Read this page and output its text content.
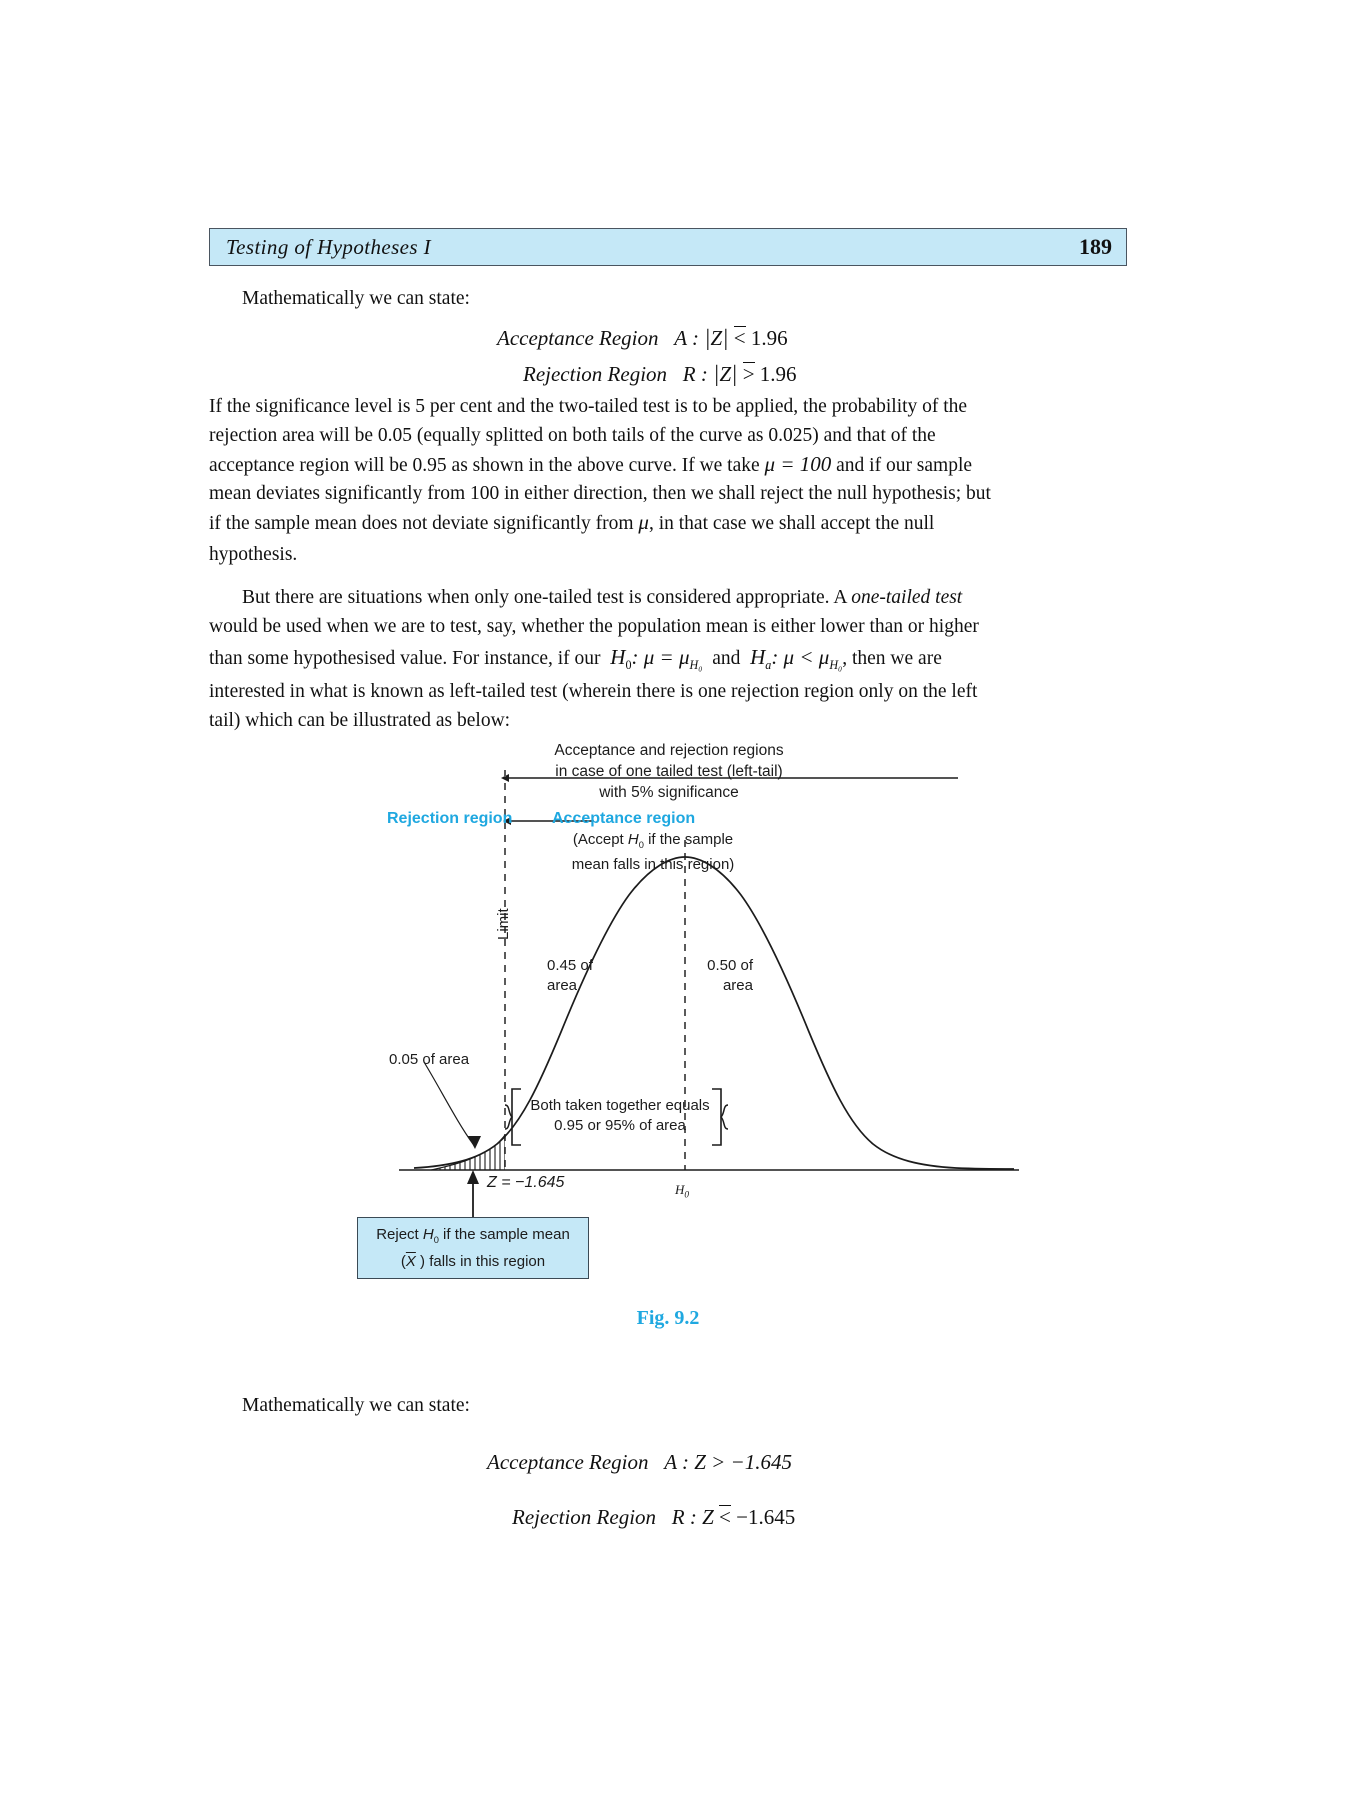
Testing of Hypotheses I	189
Mathematically we can state:
Acceptance Region A : |Z| < 1.96
Rejection Region R : |Z| > 1.96
If the significance level is 5 per cent and the two-tailed test is to be applied, the probability of the
rejection area will be 0.05 (equally splitted on both tails of the curve as 0.025) and that of the
acceptance region will be 0.95 as shown in the above curve. If we take μ = 100 and if our sample
mean deviates significantly from 100 in either direction, then we shall reject the null hypothesis; but
if the sample mean does not deviate significantly from μ, in that case we shall accept the null
hypothesis.
But there are situations when only one-tailed test is considered appropriate. A one-tailed test
would be used when we are to test, say, whether the population mean is either lower than or higher
than some hypothesised value. For instance, if our $H_0$: $\mu = \mu_{H_0}$ and $H_a$: $\mu < \mu_{H_0}$, then we are
interested in what is known as left-tailed test (wherein there is one rejection region only on the left
tail) which can be illustrated as below:
Acceptance and rejection regions
in case of one tailed test (left-tail)
with 5% significance
Rejection region Acceptance region
(Accept $H_0$ if the sample
mean falls in this region)
Limit
0.45 of
area
0.50 of
area
0.05 of area
Both taken together equals
0.95 or 95% of area
Z = −1.645	$H_0$
Reject $H_0$ if the sample mean
($\overline{X}$ ) falls in this region
Fig. 9.2
Mathematically we can state:
Acceptance Region A : Z > −1.645
Rejection Region R : Z < −1.645
